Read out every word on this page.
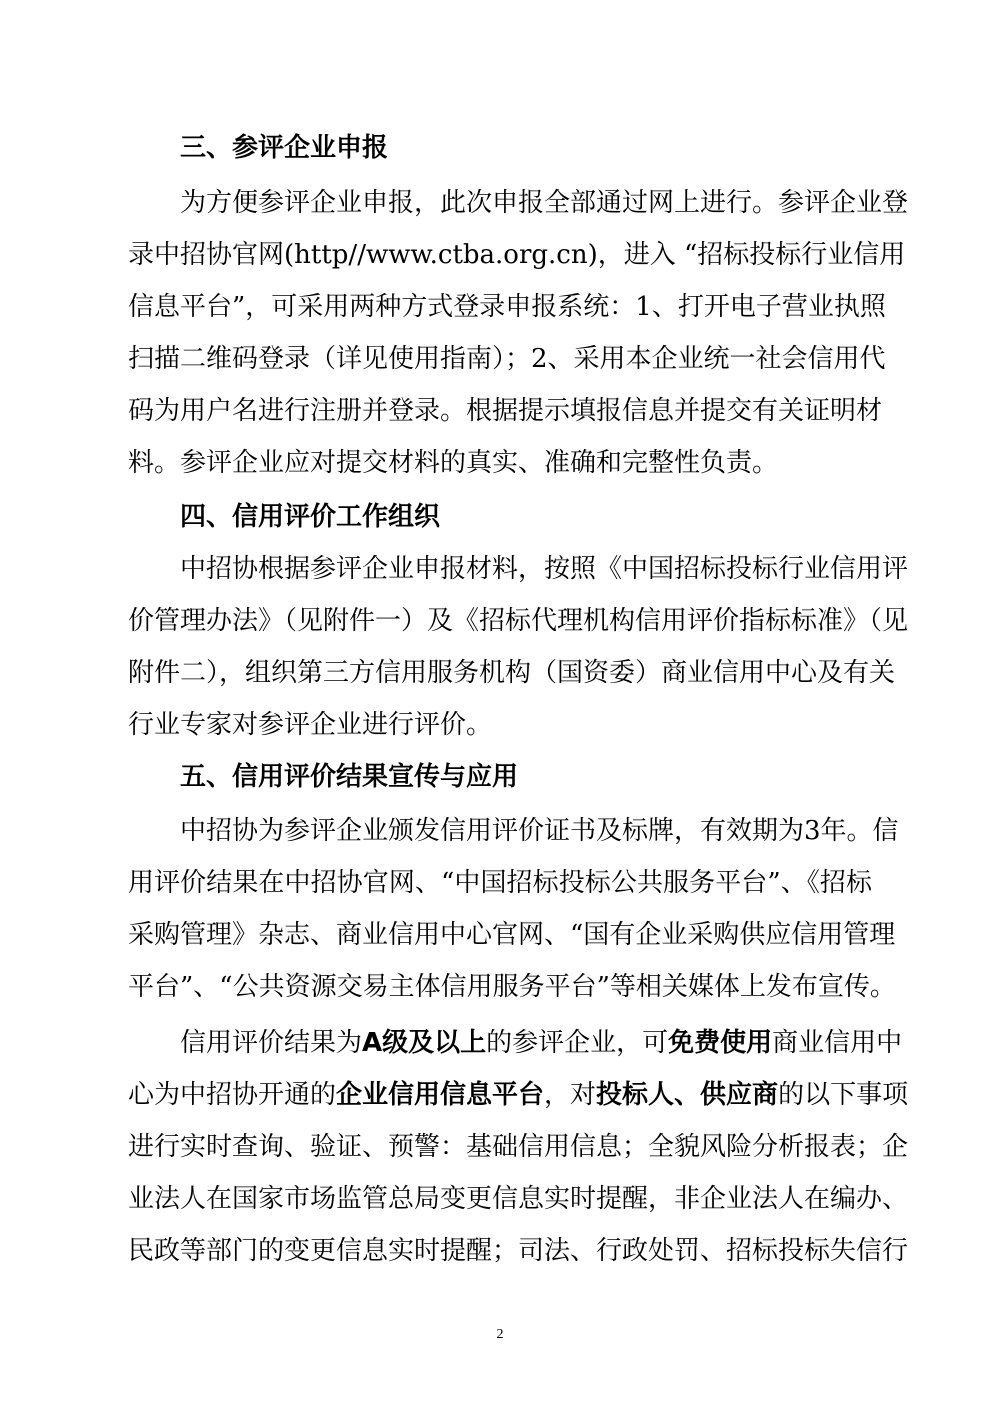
三、参评企业申报
为方便参评企业申报，此次申报全部通过网上进行。参评企业登
录中招协官网(http//www.ctba.org.cn)，进入 “招标投标行业信用
信息平台”，可采用两种方式登录申报系统：1、打开电子营业执照
扫描二维码登录（详见使用指南）；2、采用本企业统一社会信用代
码为用户名进行注册并登录。根据提示填报信息并提交有关证明材
料。参评企业应对提交材料的真实、准确和完整性负责。
四、信用评价工作组织
中招协根据参评企业申报材料，按照《中国招标投标行业信用评
价管理办法》（见附件一）及《招标代理机构信用评价指标标准》（见
附件二），组织第三方信用服务机构（国资委）商业信用中心及有关
行业专家对参评企业进行评价。
五、信用评价结果宣传与应用
中招协为参评企业颁发信用评价证书及标牌，有效期为3年。信
用评价结果在中招协官网、“中国招标投标公共服务平台”、《招标
采购管理》杂志、商业信用中心官网、“国有企业采购供应信用管理
平台”、“公共资源交易主体信用服务平台”等相关媒体上发布宣传。
信用评价结果为A级及以上的参评企业，可免费使用商业信用中
心为中招协开通的企业信用信息平台，对投标人、供应商的以下事项
进行实时查询、验证、预警：基础信用信息；全貌风险分析报表；企
业法人在国家市场监管总局变更信息实时提醒，非企业法人在编办、
民政等部门的变更信息实时提醒；司法、行政处罚、招标投标失信行
2
